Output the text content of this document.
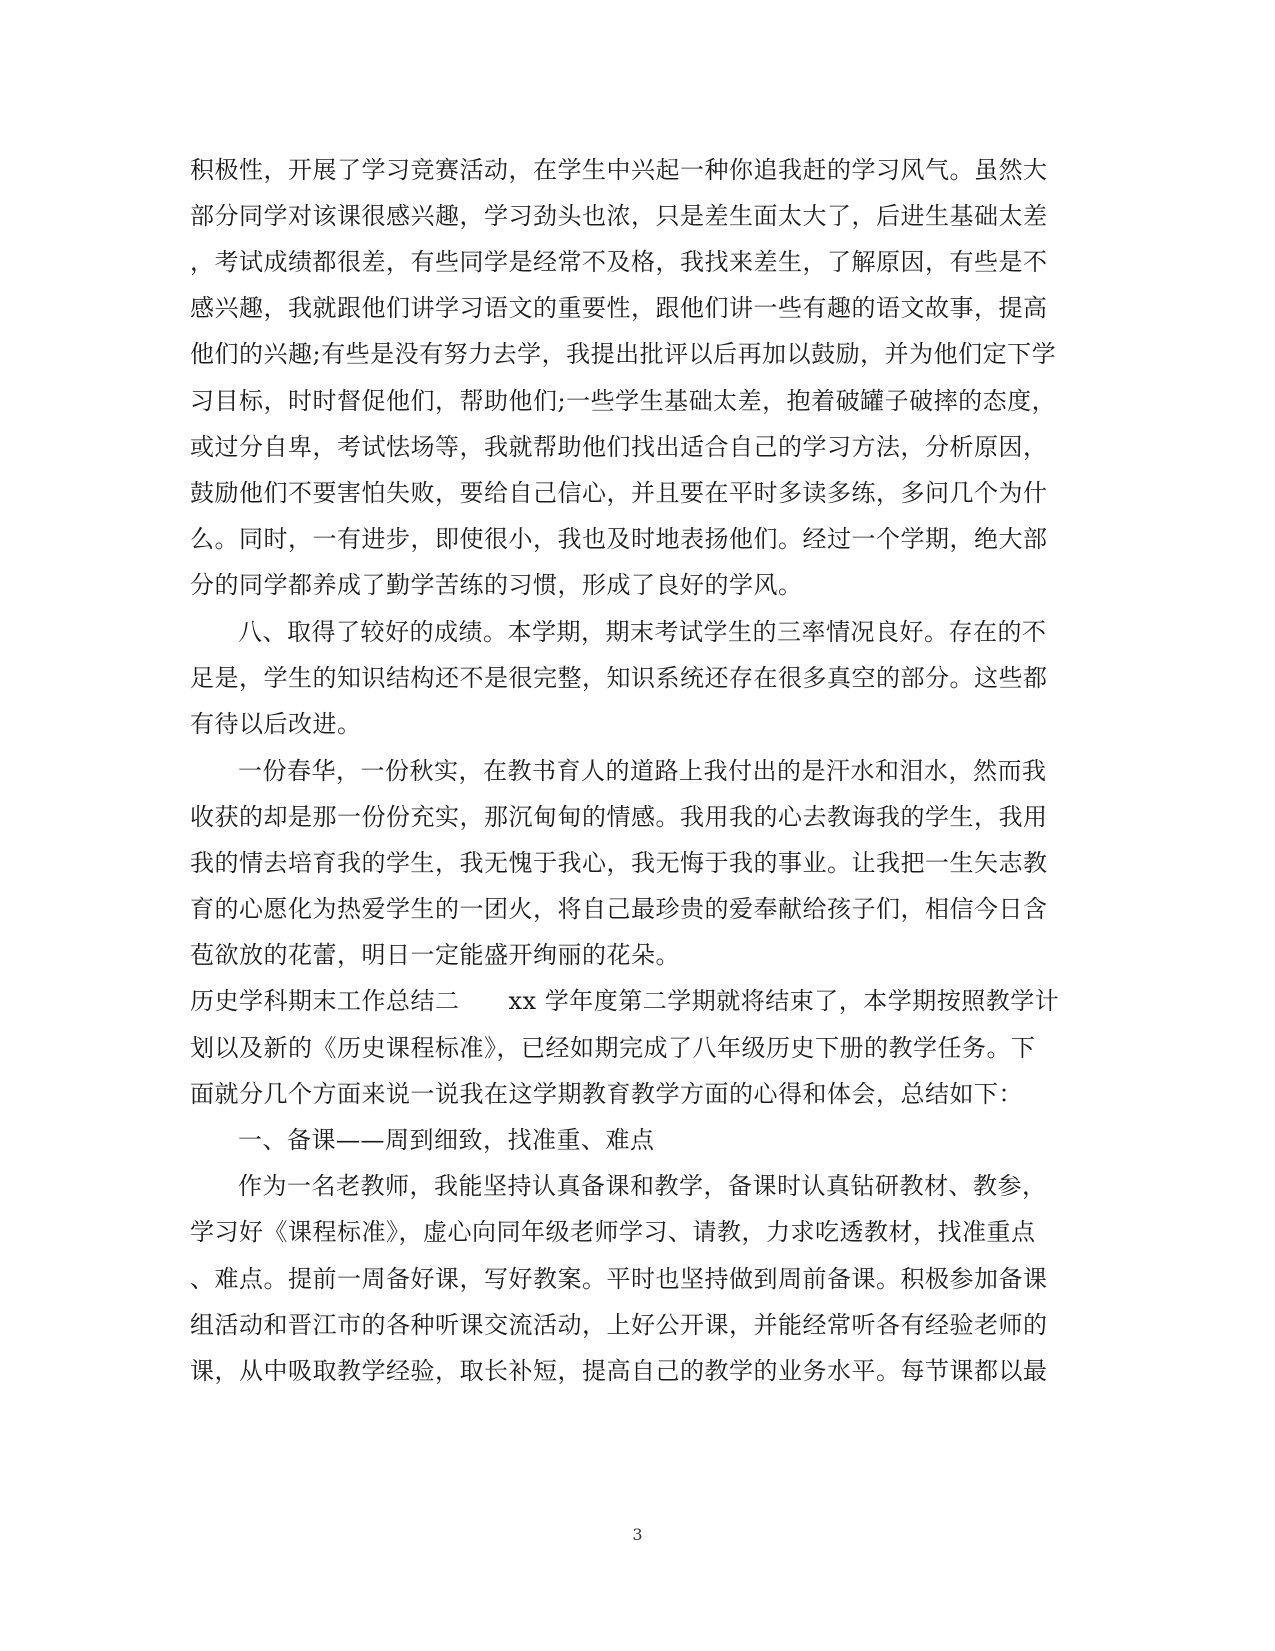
积极性，开展了学习竞赛活动，在学生中兴起一种你追我赶的学习风气。虽然大
部分同学对该课很感兴趣，学习劲头也浓，只是差生面太大了，后进生基础太差
，考试成绩都很差，有些同学是经常不及格，我找来差生，了解原因，有些是不
感兴趣，我就跟他们讲学习语文的重要性，跟他们讲一些有趣的语文故事，提高
他们的兴趣;有些是没有努力去学，我提出批评以后再加以鼓励，并为他们定下学
习目标，时时督促他们，帮助他们;一些学生基础太差，抱着破罐子破摔的态度，
或过分自卑，考试怯场等，我就帮助他们找出适合自己的学习方法，分析原因，
鼓励他们不要害怕失败，要给自己信心，并且要在平时多读多练，多问几个为什
么。同时，一有进步，即使很小，我也及时地表扬他们。经过一个学期，绝大部
分的同学都养成了勤学苦练的习惯，形成了良好的学风。
八、取得了较好的成绩。本学期，期末考试学生的三率情况良好。存在的不
足是，学生的知识结构还不是很完整，知识系统还存在很多真空的部分。这些都
有待以后改进。
一份春华，一份秋实，在教书育人的道路上我付出的是汗水和泪水，然而我
收获的却是那一份份充实，那沉甸甸的情感。我用我的心去教诲我的学生，我用
我的情去培育我的学生，我无愧于我心，我无悔于我的事业。让我把一生矢志教
育的心愿化为热爱学生的一团火，将自己最珍贵的爱奉献给孩子们，相信今日含
苞欲放的花蕾，明日一定能盛开绚丽的花朵。
历史学科期末工作总结二　　xx 学年度第二学期就将结束了，本学期按照教学计
划以及新的《历史课程标准》，已经如期完成了八年级历史下册的教学任务。下
面就分几个方面来说一说我在这学期教育教学方面的心得和体会，总结如下：
一、备课——周到细致，找准重、难点
作为一名老教师，我能坚持认真备课和教学，备课时认真钻研教材、教参，
学习好《课程标准》，虚心向同年级老师学习、请教，力求吃透教材，找准重点
、难点。提前一周备好课，写好教案。平时也坚持做到周前备课。积极参加备课
组活动和晋江市的各种听课交流活动，上好公开课，并能经常听各有经验老师的
课，从中吸取教学经验，取长补短，提高自己的教学的业务水平。每节课都以最
3
